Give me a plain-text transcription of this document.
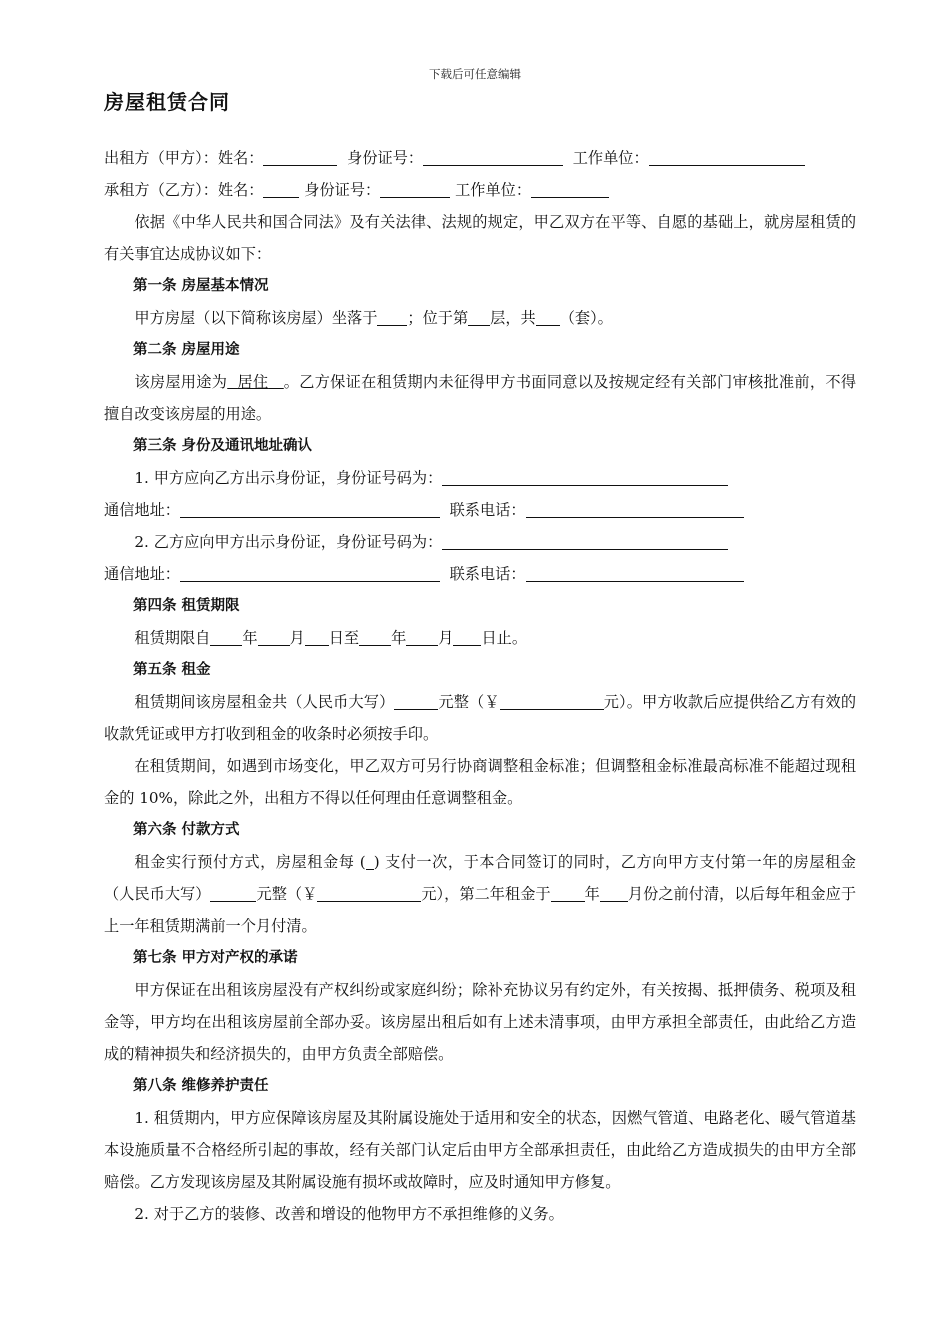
下载后可任意编辑
房屋租赁合同
出租方（甲方）：姓名：	身份证号：	工作单位：
承租方（乙方）：姓名：	身份证号：	工作单位：
依据《中华人民共和国合同法》及有关法律、法规的规定，甲乙双方在平等、自愿的基础上，就房屋租赁的有关事宜达成协议如下：
第一条 房屋基本情况
甲方房屋（以下简称该房屋）坐落于 ；位于第 层，共 （套）。
第二条 房屋用途
该房屋用途为 居住 。乙方保证在租赁期内未征得甲方书面同意以及按规定经有关部门审核批准前，不得擅自改变该房屋的用途。
第三条 身份及通讯地址确认
1. 甲方应向乙方出示身份证，身份证号码为：
通信地址：	联系电话：
2. 乙方应向甲方出示身份证，身份证号码为：
通信地址：	联系电话：
第四条 租赁期限
租赁期限自 年 月 日至 年 月 日止。
第五条 租金
租赁期间该房屋租金共（人民币大写）	元整（￥	元）。甲方收款后应提供给乙方有效的收款凭证或甲方打收到租金的收条时必须按手印。
在租赁期间，如遇到市场变化，甲乙双方可另行协商调整租金标准；但调整租金标准最高标准不能超过现租金的 10%，除此之外，出租方不得以任何理由任意调整租金。
第六条 付款方式
租金实行预付方式，房屋租金每 ( ) 支付一次，于本合同签订的同时，乙方向甲方支付第一年的房屋租金（人民币大写）	元整（￥	元），第二年租金于 年 月份之前付清，以后每年租金应于上一年租赁期满前一个月付清。
第七条 甲方对产权的承诺
甲方保证在出租该房屋没有产权纠纷或家庭纠纷；除补充协议另有约定外，有关按揭、抵押债务、税项及租金等，甲方均在出租该房屋前全部办妥。该房屋出租后如有上述未清事项，由甲方承担全部责任，由此给乙方造成的精神损失和经济损失的，由甲方负责全部赔偿。
第八条 维修养护责任
1. 租赁期内，甲方应保障该房屋及其附属设施处于适用和安全的状态，因燃气管道、电路老化、暖气管道基本设施质量不合格经所引起的事故，经有关部门认定后由甲方全部承担责任，由此给乙方造成损失的由甲方全部赔偿。乙方发现该房屋及其附属设施有损坏或故障时，应及时通知甲方修复。
2. 对于乙方的装修、改善和增设的他物甲方不承担维修的义务。
